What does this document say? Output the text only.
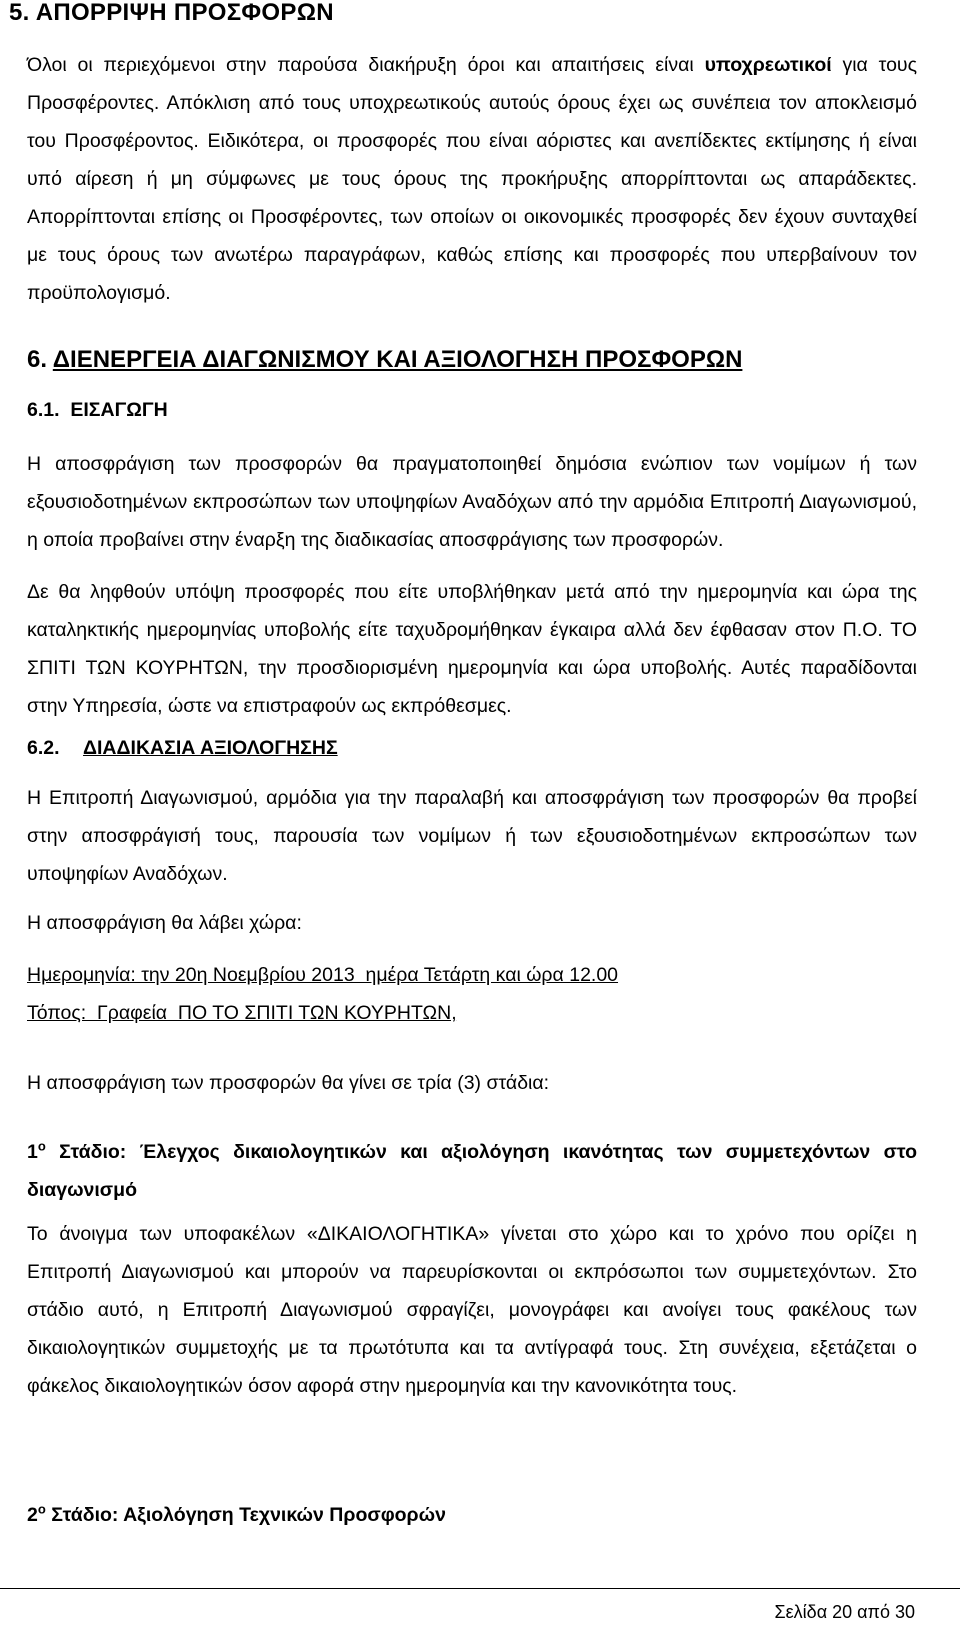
5. ΑΠΟΡΡΙΨΗ ΠΡΟΣΦΟΡΩΝ

Όλοι οι περιεχόμενοι στην παρούσα διακήρυξη όροι και απαιτήσεις είναι υποχρεωτικοί για τους Προσφέροντες. Απόκλιση από τους υποχρεωτικούς αυτούς όρους έχει ως συνέπεια τον αποκλεισμό του Προσφέροντος. Ειδικότερα, οι προσφορές που είναι αόριστες και ανεπίδεκτες εκτίμησης ή είναι υπό αίρεση ή μη σύμφωνες με τους όρους της προκήρυξης απορρίπτονται ως απαράδεκτες. Απορρίπτονται επίσης οι Προσφέροντες, των οποίων οι οικονομικές προσφορές δεν έχουν συνταχθεί με τους όρους των ανωτέρω παραγράφων, καθώς επίσης και προσφορές που υπερβαίνουν τον προϋπολογισμό.

6. ΔΙΕΝΕΡΓΕΙΑ ΔΙΑΓΩΝΙΣΜΟΥ ΚΑΙ ΑΞΙΟΛΟΓΗΣΗ ΠΡΟΣΦΟΡΩΝ
6.1.  ΕΙΣΑΓΩΓΗ

Η αποσφράγιση των προσφορών θα πραγματοποιηθεί δημόσια ενώπιον των νομίμων ή των εξουσιοδοτημένων εκπροσώπων των υποψηφίων Αναδόχων από την αρμόδια Επιτροπή Διαγωνισμού, η οποία προβαίνει στην έναρξη της διαδικασίας αποσφράγισης των προσφορών.

Δε θα ληφθούν υπόψη προσφορές που είτε υποβλήθηκαν μετά από την ημερομηνία και ώρα της καταληκτικής ημερομηνίας υποβολής είτε ταχυδρομήθηκαν έγκαιρα αλλά δεν έφθασαν στον Π.Ο. ΤΟ ΣΠΙΤΙ ΤΩΝ ΚΟΥΡΗΤΩΝ, την προσδιορισμένη ημερομηνία και ώρα υποβολής. Αυτές παραδίδονται στην Υπηρεσία, ώστε να επιστραφούν ως εκπρόθεσμες.

6.2. ΔΙΑΔΙΚΑΣΙΑ ΑΞΙΟΛΟΓΗΣΗΣ

Η Επιτροπή Διαγωνισμού, αρμόδια για την παραλαβή και αποσφράγιση των προσφορών θα προβεί στην αποσφράγισή τους, παρουσία των νομίμων ή των εξουσιοδοτημένων εκπροσώπων των υποψηφίων Αναδόχων.

Η αποσφράγιση θα λάβει χώρα:

Ημερομηνία: την 20η Νοεμβρίου 2013  ημέρα Τετάρτη και ώρα 12.00

Τόπος:  Γραφεία  ΠΟ ΤΟ ΣΠΙΤΙ ΤΩΝ ΚΟΥΡΗΤΩΝ,

Η αποσφράγιση των προσφορών θα γίνει σε τρία (3) στάδια:

$1^o$ Στάδιο: Έλεγχος δικαιολογητικών και αξιολόγηση ικανότητας των συμμετεχόντων στο διαγωνισμό

Το άνοιγμα των υποφακέλων «ΔΙΚΑΙΟΛΟΓΗΤΙΚΑ» γίνεται στο χώρο και το χρόνο που ορίζει η Επιτροπή Διαγωνισμού και μπορούν να παρευρίσκονται οι εκπρόσωποι των συμμετεχόντων. Στο στάδιο αυτό, η Επιτροπή Διαγωνισμού σφραγίζει, μονογράφει και ανοίγει τους φακέλους των δικαιολογητικών συμμετοχής με τα πρωτότυπα και τα αντίγραφά τους. Στη συνέχεια, εξετάζεται ο φάκελος δικαιολογητικών όσον αφορά στην ημερομηνία και την κανονικότητα τους.

$2^o$ Στάδιο: Αξιολόγηση Τεχνικών Προσφορών

Σελίδα 20 από 30
